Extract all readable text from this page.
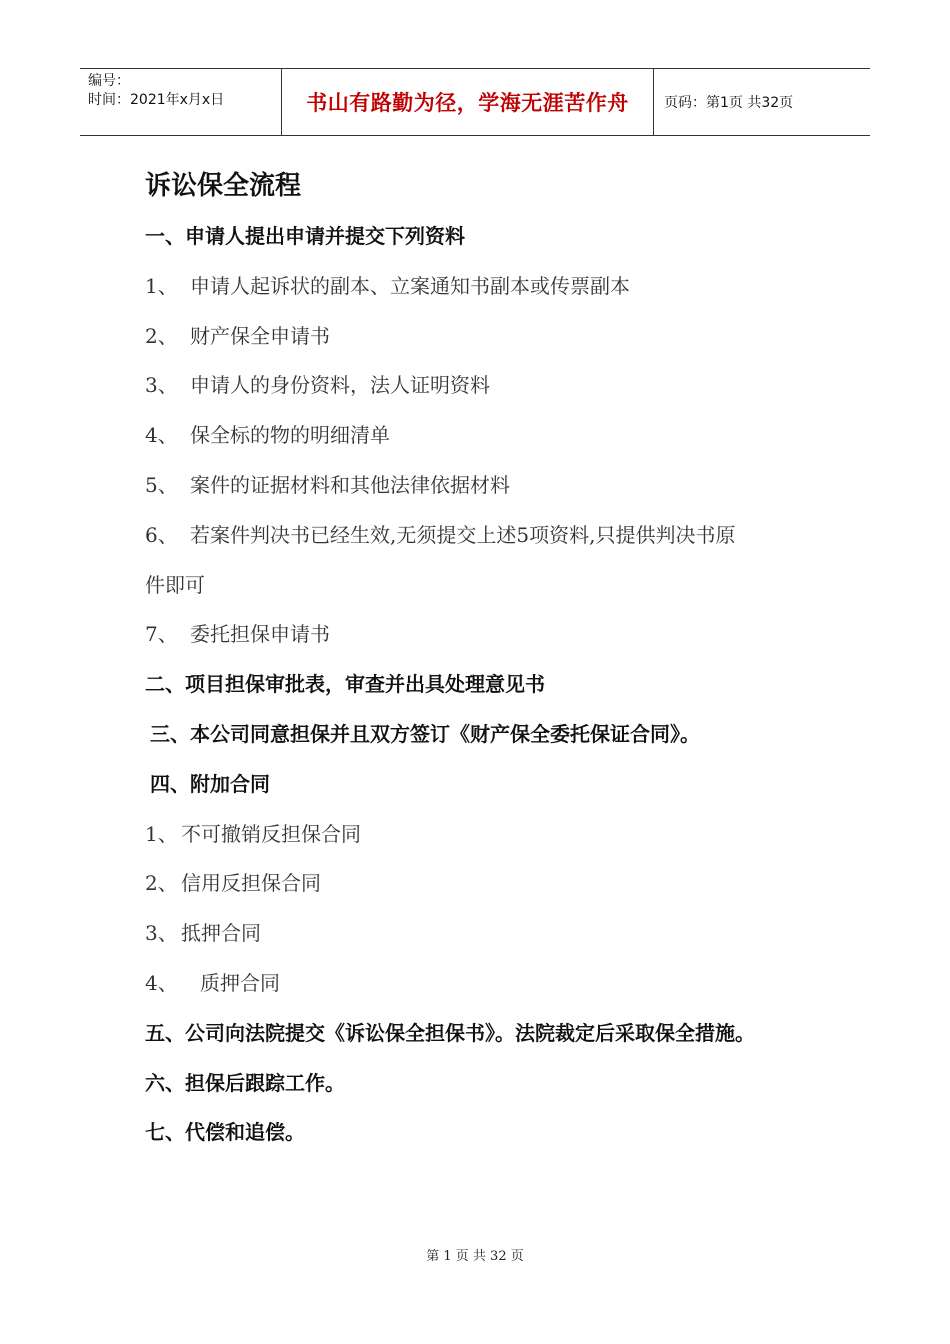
编号：
时间：2021年x月x日	书山有路勤为径，学海无涯苦作舟	页码：第1页 共32页
诉讼保全流程
一、申请人提出申请并提交下列资料
1、 申请人起诉状的副本、立案通知书副本或传票副本
2、 财产保全申请书
3、 申请人的身份资料，法人证明资料
4、 保全标的物的明细清单
5、 案件的证据材料和其他法律依据材料
6、 若案件判决书已经生效,无须提交上述5项资料,只提供判决书原
件即可
7、 委托担保申请书
二、项目担保审批表，审查并出具处理意见书
三、本公司同意担保并且双方签订《财产保全委托保证合同》。
四、附加合同
1、 不可撤销反担保合同
2、 信用反担保合同
3、 抵押合同
4、 质押合同
五、公司向法院提交《诉讼保全担保书》。法院裁定后采取保全措施。
六、担保后跟踪工作。
七、代偿和追偿。
第 1 页 共 32 页
